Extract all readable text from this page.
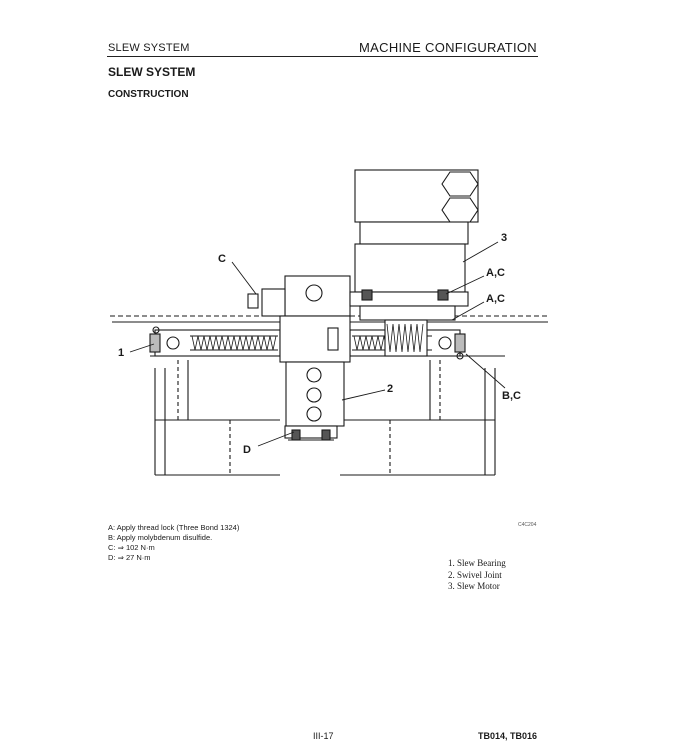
SLEW SYSTEM	MACHINE CONFIGURATION
SLEW SYSTEM
CONSTRUCTION
C
3
A,C
A,C
1
2
B,C
D
C4C204
A: Apply thread lock (Three Bond 1324)
B: Apply molybdenum disulfide.
C: ⇒ 102 N·m
D: ⇒ 27 N·m
1. Slew Bearing
2. Swivel Joint
3. Slew Motor
III-17	TB014, TB016
